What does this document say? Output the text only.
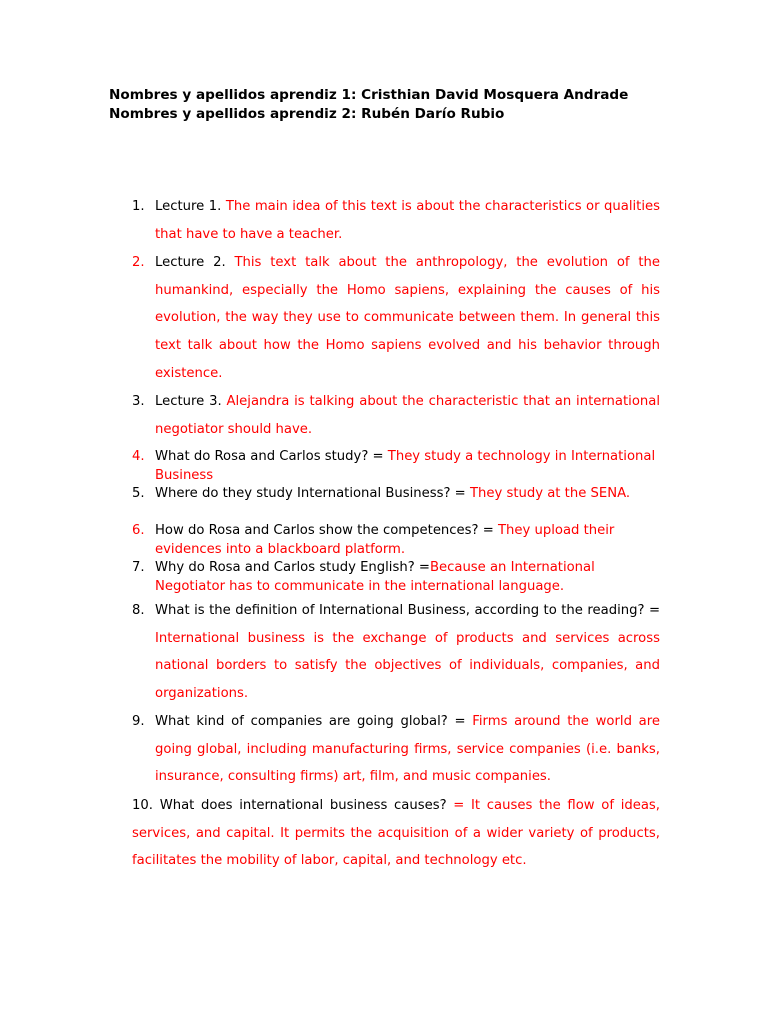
Nombres y apellidos aprendiz 1: Cristhian David Mosquera Andrade
Nombres y apellidos aprendiz 2: Rubén Darío Rubio
1. Lecture 1. The main idea of this text is about the characteristics or qualities that have to have a teacher.
2. Lecture 2. This text talk about the anthropology, the evolution of the humankind, especially the Homo sapiens, explaining the causes of his evolution, the way they use to communicate between them. In general this text talk about how the Homo sapiens evolved and his behavior through existence.
3. Lecture 3. Alejandra is talking about the characteristic that an international negotiator should have.
4. What do Rosa and Carlos study? = They study a technology in International Business
5. Where do they study International Business? = They study at the SENA.
6. How do Rosa and Carlos show the competences? = They upload their evidences into a blackboard platform.
7. Why do Rosa and Carlos study English? =Because an International Negotiator has to communicate in the international language.
8. What is the definition of International Business, according to the reading? = International business is the exchange of products and services across national borders to satisfy the objectives of individuals, companies, and organizations.
9. What kind of companies are going global? = Firms around the world are going global, including manufacturing firms, service companies (i.e. banks, insurance, consulting firms) art, film, and music companies.
10. What does international business causes? = It causes the flow of ideas, services, and capital. It permits the acquisition of a wider variety of products, facilitates the mobility of labor, capital, and technology etc.
